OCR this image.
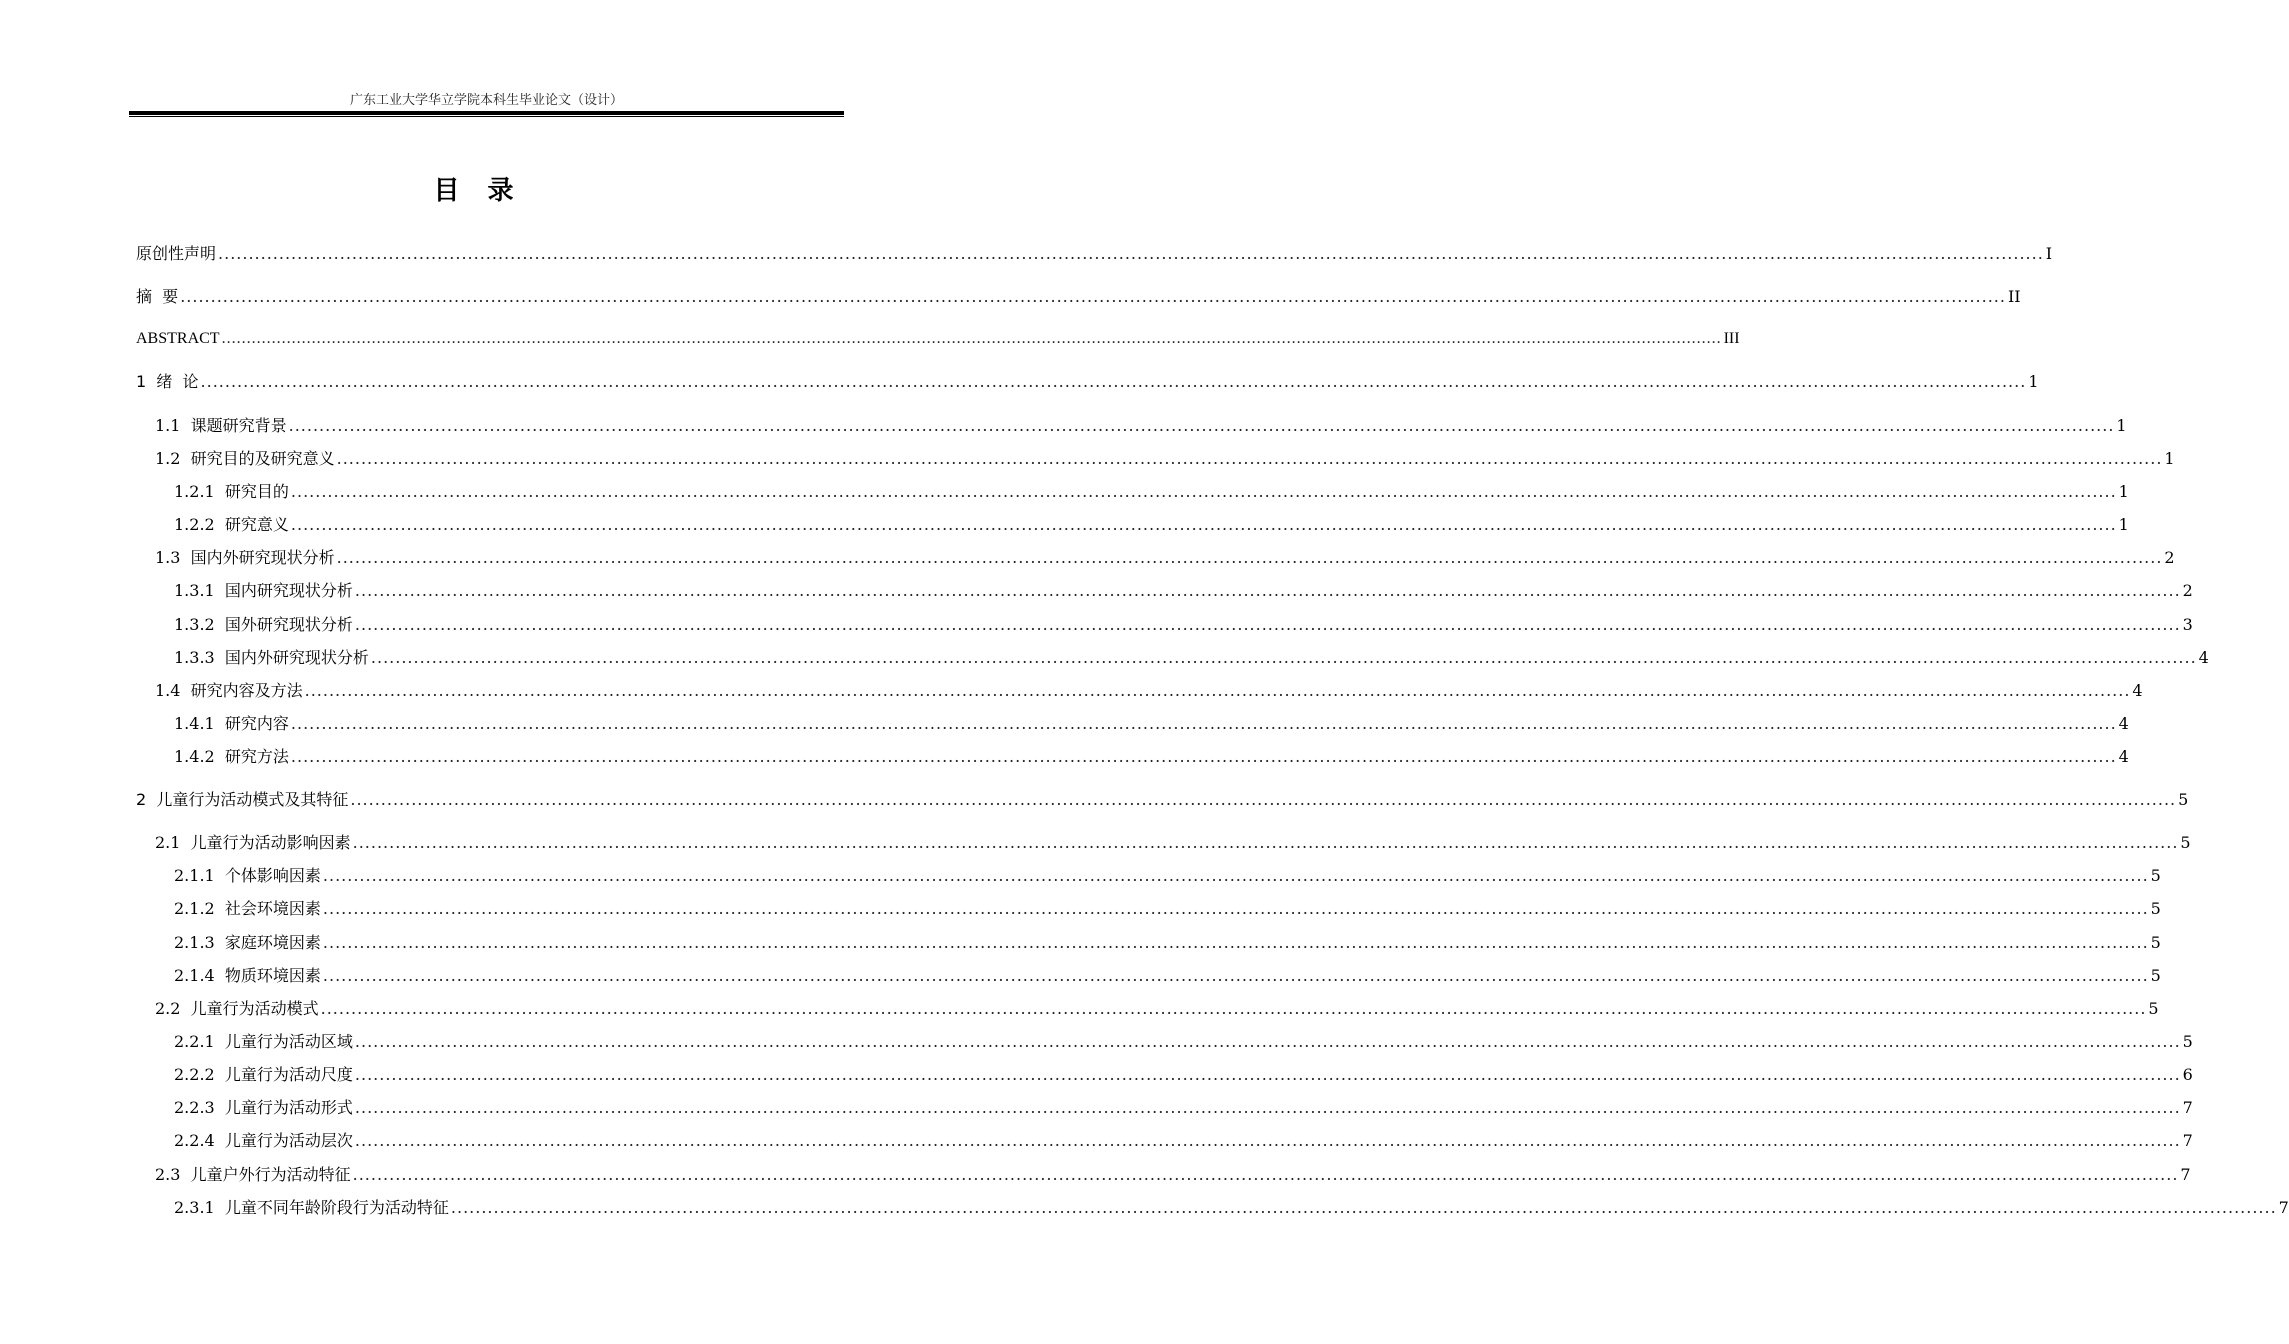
广东工业大学华立学院本科生毕业论文（设计）
目录
原创性声明 ............................................................................................................................................................................................................................................................................................................ I
摘  要 ............................................................................................................................................................................................................................................................................................................ II
ABSTRACT ............................................................................................................................................................................................................................................................................................................ III
1  绪  论 ............................................................................................................................................................................................................................................................................................................ 1
1.1  课题研究背景 ............................................................................................................................................................................................................................................................................................................ 1
1.2  研究目的及研究意义 ............................................................................................................................................................................................................................................................................................................ 1
1.2.1  研究目的 ............................................................................................................................................................................................................................................................................................................ 1
1.2.2  研究意义 ............................................................................................................................................................................................................................................................................................................ 1
1.3  国内外研究现状分析 ............................................................................................................................................................................................................................................................................................................ 2
1.3.1  国内研究现状分析 ............................................................................................................................................................................................................................................................................................................ 2
1.3.2  国外研究现状分析 ............................................................................................................................................................................................................................................................................................................ 3
1.3.3  国内外研究现状分析 ............................................................................................................................................................................................................................................................................................................ 4
1.4  研究内容及方法 ............................................................................................................................................................................................................................................................................................................ 4
1.4.1  研究内容 ............................................................................................................................................................................................................................................................................................................ 4
1.4.2  研究方法 ............................................................................................................................................................................................................................................................................................................ 4
2  儿童行为活动模式及其特征 ............................................................................................................................................................................................................................................................................................................ 5
2.1  儿童行为活动影响因素 ............................................................................................................................................................................................................................................................................................................ 5
2.1.1  个体影响因素 ............................................................................................................................................................................................................................................................................................................ 5
2.1.2  社会环境因素 ............................................................................................................................................................................................................................................................................................................ 5
2.1.3  家庭环境因素 ............................................................................................................................................................................................................................................................................................................ 5
2.1.4  物质环境因素 ............................................................................................................................................................................................................................................................................................................ 5
2.2  儿童行为活动模式 ............................................................................................................................................................................................................................................................................................................ 5
2.2.1  儿童行为活动区域 ............................................................................................................................................................................................................................................................................................................ 5
2.2.2  儿童行为活动尺度 ............................................................................................................................................................................................................................................................................................................ 6
2.2.3  儿童行为活动形式 ............................................................................................................................................................................................................................................................................................................ 7
2.2.4  儿童行为活动层次 ............................................................................................................................................................................................................................................................................................................ 7
2.3  儿童户外行为活动特征 ............................................................................................................................................................................................................................................................................................................ 7
2.3.1  儿童不同年龄阶段行为活动特征 ............................................................................................................................................................................................................................................................................................................ 7
